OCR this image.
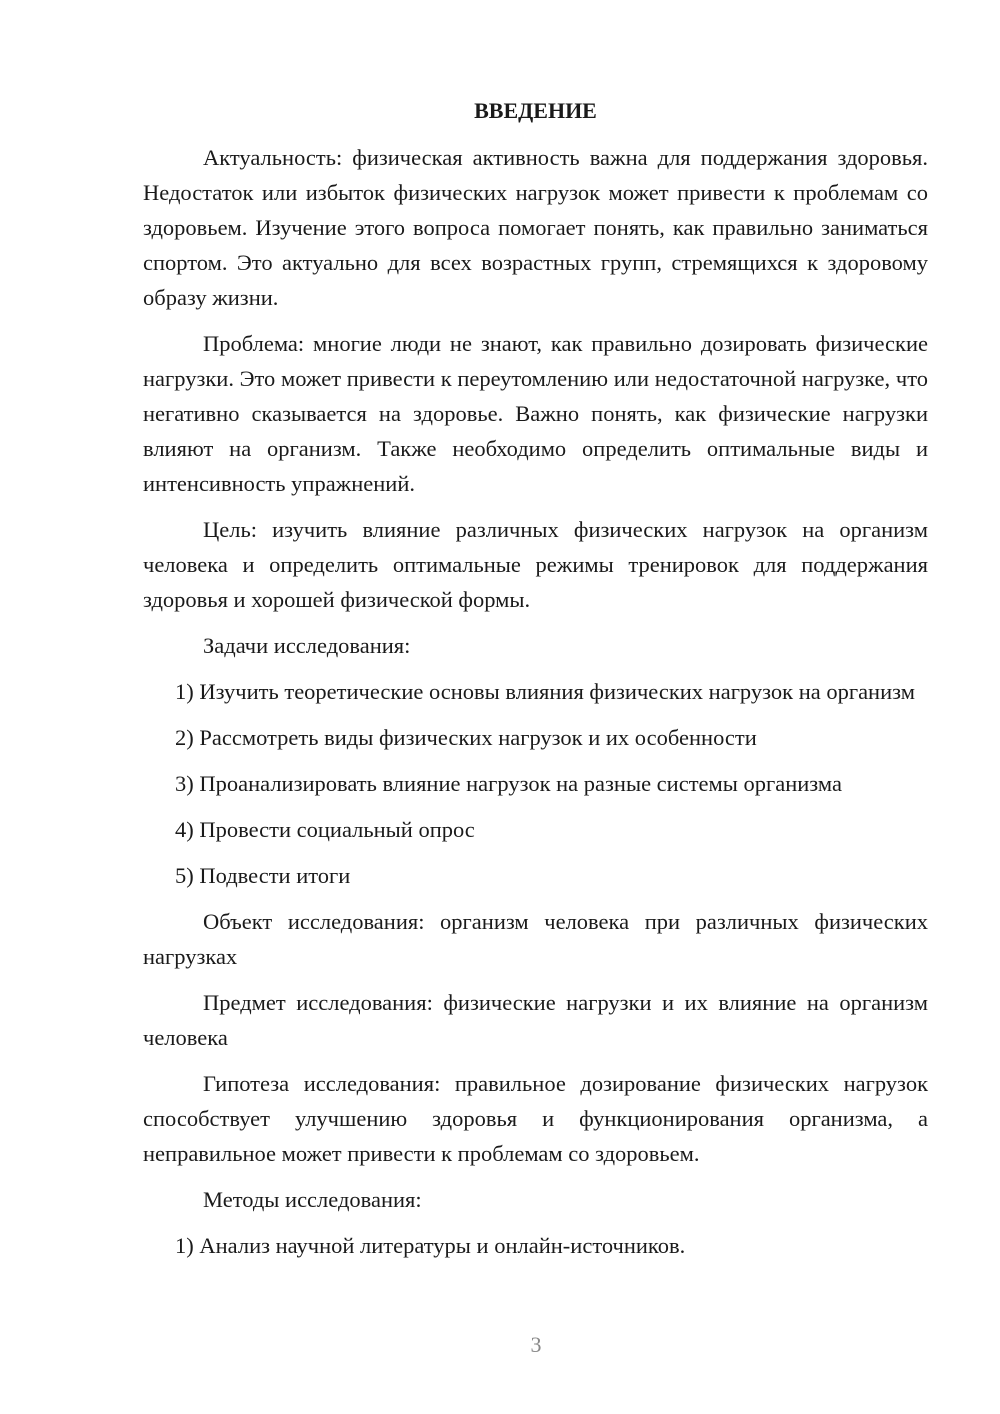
ВВЕДЕНИЕ

Актуальность: физическая активность важна для поддержания здоровья. Недостаток или избыток физических нагрузок может привести к проблемам со здоровьем. Изучение этого вопроса помогает понять, как правильно заниматься спортом. Это актуально для всех возрастных групп, стремящихся к здоровому образу жизни.

Проблема: многие люди не знают, как правильно дозировать физические нагрузки. Это может привести к переутомлению или недостаточной нагрузке, что негативно сказывается на здоровье. Важно понять, как физические нагрузки влияют на организм. Также необходимо определить оптимальные виды и интенсивность упражнений.

Цель: изучить влияние различных физических нагрузок на организм человека и определить оптимальные режимы тренировок для поддержания здоровья и хорошей физической формы.

Задачи исследования:

1) Изучить теоретические основы влияния физических нагрузок на организм

2) Рассмотреть виды физических нагрузок и их особенности

3) Проанализировать влияние нагрузок на разные системы организма

4) Провести социальный опрос

5) Подвести итоги

Объект исследования: организм человека при различных физических нагрузках

Предмет исследования: физические нагрузки и их влияние на организм человека

Гипотеза исследования: правильное дозирование физических нагрузок способствует улучшению здоровья и функционирования организма, а неправильное может привести к проблемам со здоровьем.

Методы исследования:

1) Анализ научной литературы и онлайн-источников.

3
